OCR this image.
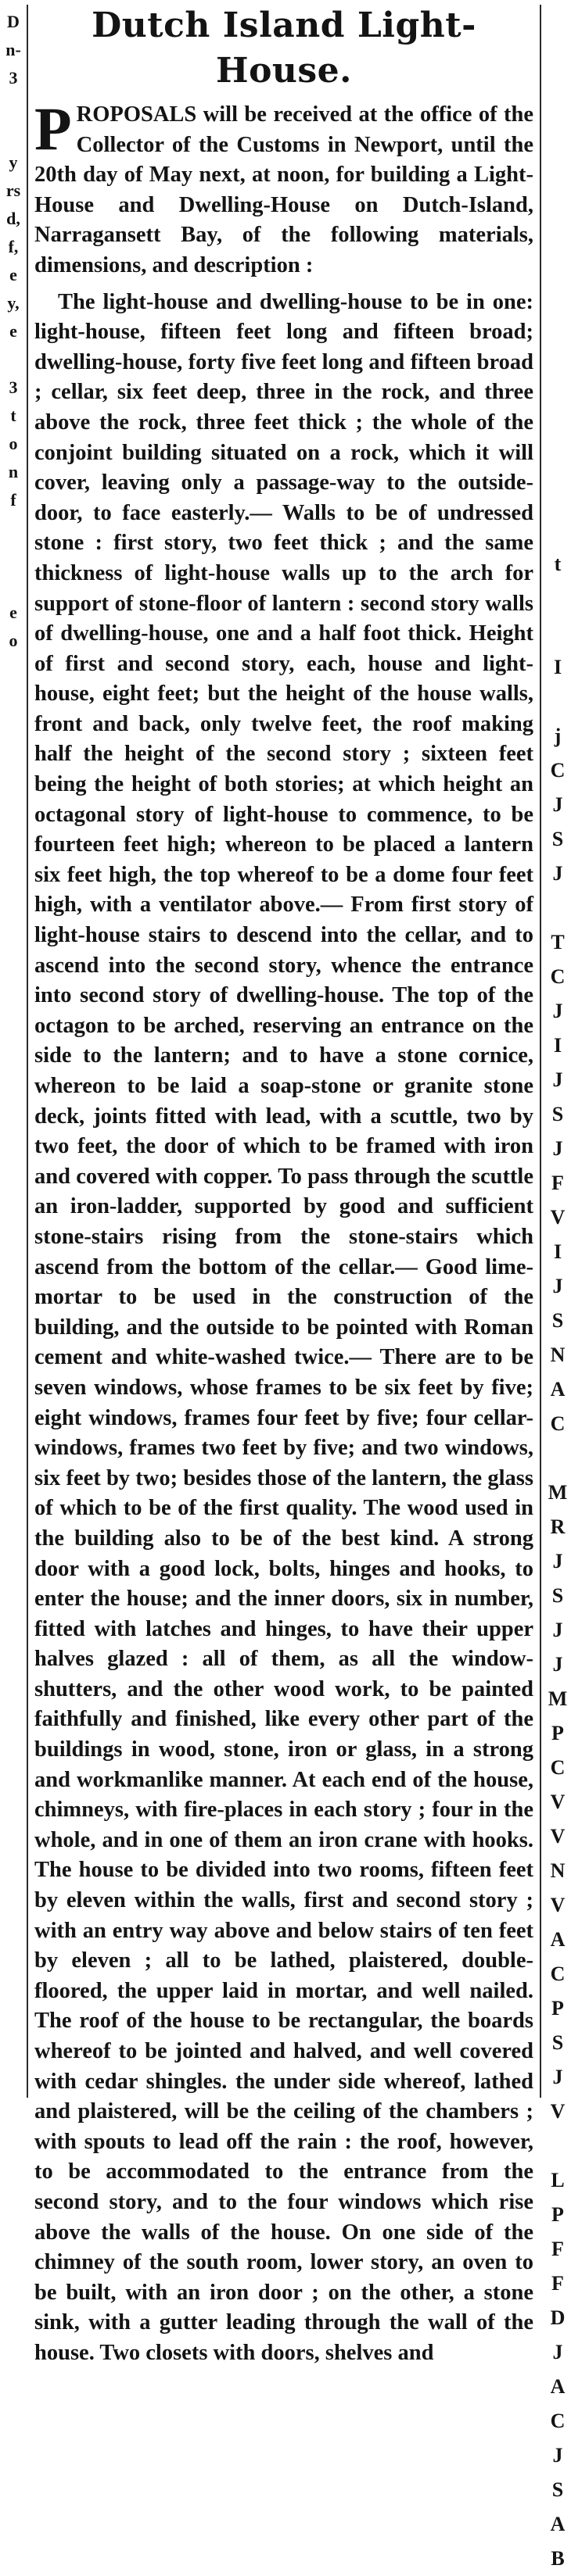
D
n-
3
y
rs
d,
f,
e
y,
e
3
t
o
n
f
e
o
t
I
j
C
J
S
J
T
C
J
I
J
S
J
F
V
I
J
S
N
A
C
M
R
J
S
J
J
M
P
C
V
V
N
V
A
C
P
S
J
V
L
P
F
F
D
J
A
C
J
S
A
B
Dutch Island Light-House.

PROPOSALS will be received at the office of the Collector of the Customs in Newport, until the 20th day of May next, at noon, for building a Light-House and Dwelling-House on Dutch-Island, Narragansett Bay, of the following materials, dimensions, and description :

The light-house and dwelling-house to be in one: light-house, fifteen feet long and fifteen broad; dwelling-house, forty five feet long and fifteen broad ; cellar, six feet deep, three in the rock, and three above the rock, three feet thick ; the whole of the conjoint building situated on a rock, which it will cover, leaving only a passage-way to the outside-door, to face easterly.— Walls to be of undressed stone : first story, two feet thick ; and the same thickness of light-house walls up to the arch for support of stone-floor of lantern : second story walls of dwelling-house, one and a half foot thick. Height of first and second story, each, house and light-house, eight feet; but the height of the house walls, front and back, only twelve feet, the roof making half the height of the second story ; sixteen feet being the height of both stories; at which height an octagonal story of light-house to commence, to be fourteen feet high; whereon to be placed a lantern six feet high, the top whereof to be a dome four feet high, with a ventilator above.— From first story of light-house stairs to descend into the cellar, and to ascend into the second story, whence the entrance into second story of dwelling-house. The top of the octagon to be arched, reserving an entrance on the side to the lantern; and to have a stone cornice, whereon to be laid a soap-stone or granite stone deck, joints fitted with lead, with a scuttle, two by two feet, the door of which to be framed with iron and covered with copper. To pass through the scuttle an iron-ladder, supported by good and sufficient stone-stairs rising from the stone-stairs which ascend from the bottom of the cellar.— Good lime-mortar to be used in the construction of the building, and the outside to be pointed with Roman cement and white-washed twice.— There are to be seven windows, whose frames to be six feet by five; eight windows, frames four feet by five; four cellar-windows, frames two feet by five; and two windows, six feet by two; besides those of the lantern, the glass of which to be of the first quality. The wood used in the building also to be of the best kind. A strong door with a good lock, bolts, hinges and hooks, to enter the house; and the inner doors, six in number, fitted with latches and hinges, to have their upper halves glazed : all of them, as all the window-shutters, and the other wood work, to be painted faithfully and finished, like every other part of the buildings in wood, stone, iron or glass, in a strong and workmanlike manner. At each end of the house, chimneys, with fire-places in each story ; four in the whole, and in one of them an iron crane with hooks. The house to be divided into two rooms, fifteen feet by eleven within the walls, first and second story ; with an entry way above and below stairs of ten feet by eleven ; all to be lathed, plaistered, double-floored, the upper laid in mortar, and well nailed. The roof of the house to be rectangular, the boards whereof to be jointed and halved, and well covered with cedar shingles. the under side whereof, lathed and plaistered, will be the ceiling of the chambers ; with spouts to lead off the rain : the roof, however, to be accommodated to the entrance from the second story, and to the four windows which rise above the walls of the house. On one side of the chimney of the south room, lower story, an oven to be built, with an iron door ; on the other, a stone sink, with a gutter leading through the wall of the house. Two closets with doors, shelves and
